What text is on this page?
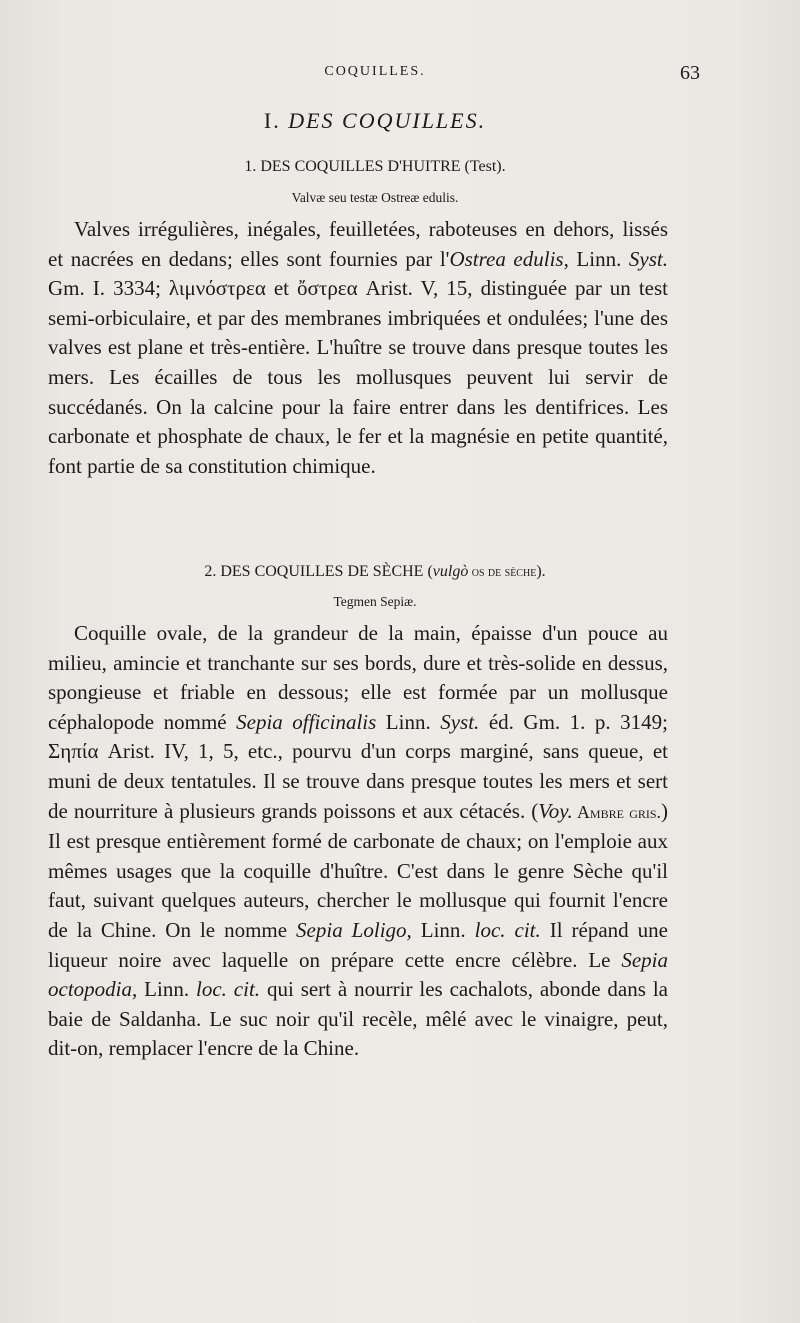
COQUILLES.	63
I. DES COQUILLES.
1. DES COQUILLES D'HUITRE (Test).
Valvæ seu testæ Ostreæ edulis.

Valves irrégulières, inégales, feuilletées, raboteuses en dehors, lissés et nacrées en dedans; elles sont fournies par l'Ostrea edulis, Linn. Syst. Gm. I. 3334; λιμνόστρεα et ὄστρεα Arist. V, 15, distinguée par un test semi-orbiculaire, et par des membranes imbriquées et ondulées; l'une des valves est plane et très-entière. L'huître se trouve dans presque toutes les mers. Les écailles de tous les mollusques peuvent lui servir de succédanés. On la calcine pour la faire entrer dans les dentifrices. Les carbonate et phosphate de chaux, le fer et la magnésie en petite quantité, font partie de sa constitution chimique.

2. DES COQUILLES DE SÈCHE (vulgò os de sèche).
Tegmen Sepiæ.

Coquille ovale, de la grandeur de la main, épaisse d'un pouce au milieu, amincie et tranchante sur ses bords, dure et très-solide en dessus, spongieuse et friable en dessous; elle est formée par un mollusque céphalopode nommé Sepia officinalis Linn. Syst. éd. Gm. 1. p. 3149; Σηπία Arist. IV, 1, 5, etc., pourvu d'un corps marginé, sans queue, et muni de deux tentatules. Il se trouve dans presque toutes les mers et sert de nourriture à plusieurs grands poissons et aux cétacés. (Voy. Ambre gris.) Il est presque entièrement formé de carbonate de chaux; on l'emploie aux mêmes usages que la coquille d'huître. C'est dans le genre Sèche qu'il faut, suivant quelques auteurs, chercher le mollusque qui fournit l'encre de la Chine. On le nomme Sepia Loligo, Linn. loc. cit. Il répand une liqueur noire avec laquelle on prépare cette encre célèbre. Le Sepia octopodia, Linn. loc. cit. qui sert à nourrir les cachalots, abonde dans la baie de Saldanha. Le suc noir qu'il recèle, mêlé avec le vinaigre, peut, dit-on, remplacer l'encre de la Chine.
